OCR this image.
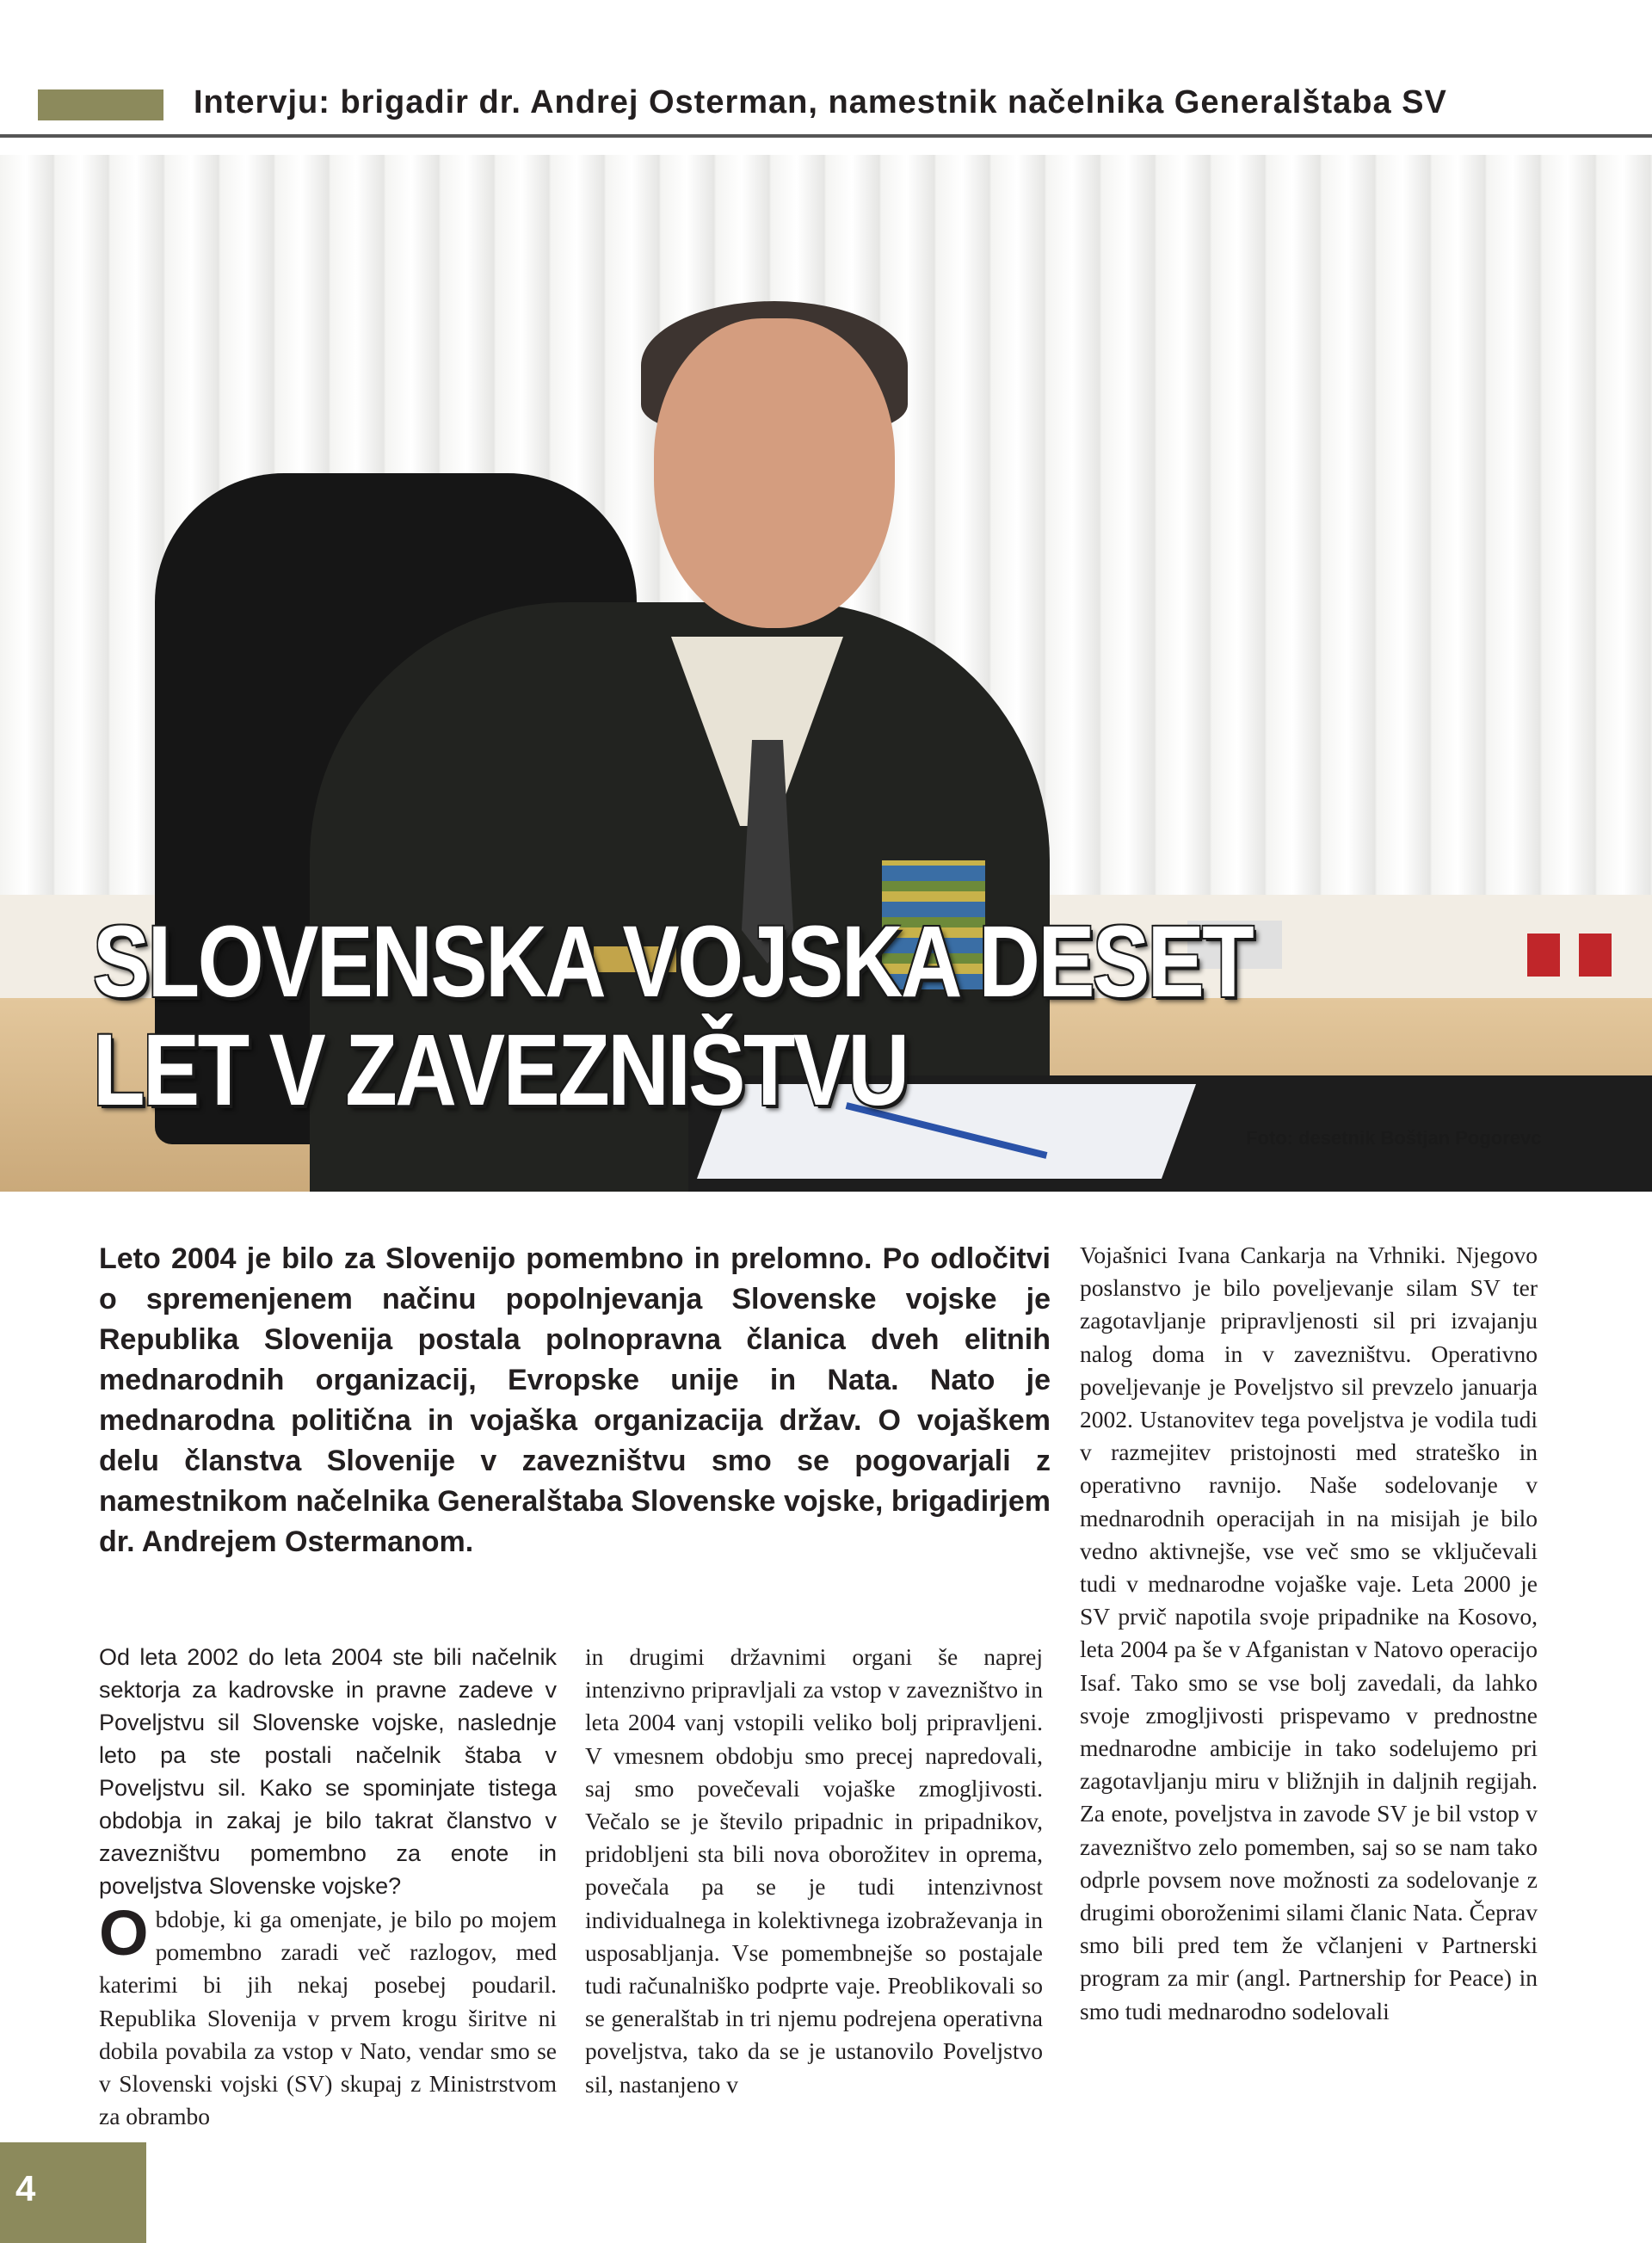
Intervju: brigadir dr. Andrej Osterman, namestnik načelnika Generalštaba SV
SLOVENSKA VOJSKA DESET LET V ZAVEZNIŠTVU
Foto: desetnik Boštjan Pogorevc
Leto 2004 je bilo za Slovenijo pomembno in prelomno. Po odločitvi o spremenjenem načinu popolnjevanja Slovenske vojske je Republika Slovenija postala polnopravna članica dveh elitnih mednarodnih organizacij, Evropske unije in Nata. Nato je mednarodna politična in vojaška organizacija držav. O vojaškem delu članstva Slovenije v zavezništvu smo se pogovarjali z namestnikom načelnika Generalštaba Slovenske vojske, brigadirjem dr. Andrejem Ostermanom.
Od leta 2002 do leta 2004 ste bili načelnik sektorja za kadrovske in pravne zadeve v Poveljstvu sil Slovenske vojske, naslednje leto pa ste postali načelnik štaba v Poveljstvu sil. Kako se spominjate tistega obdobja in zakaj je bilo takrat članstvo v zavezništvu pomembno za enote in poveljstva Slovenske vojske?
Obdobje, ki ga omenjate, je bilo po mojem pomembno zaradi več razlogov, med katerimi bi jih nekaj posebej poudaril. Republika Slovenija v prvem krogu širitve ni dobila povabila za vstop v Nato, vendar smo se v Slovenski vojski (SV) skupaj z Ministrstvom za obrambo
in drugimi državnimi organi še naprej intenzivno pripravljali za vstop v zavezništvo in leta 2004 vanj vstopili veliko bolj pripravljeni. V vmesnem obdobju smo precej napredovali, saj smo povečevali vojaške zmogljivosti. Večalo se je število pripadnic in pripadnikov, pridobljeni sta bili nova oborožitev in oprema, povečala pa se je tudi intenzivnost individualnega in kolektivnega izobraževanja in usposabljanja. Vse pomembnejše so postajale tudi računalniško podprte vaje. Preoblikovali so se generalštab in tri njemu podrejena operativna poveljstva, tako da se je ustanovilo Poveljstvo sil, nastanjeno v
Vojašnici Ivana Cankarja na Vrhniki. Njegovo poslanstvo je bilo poveljevanje silam SV ter zagotavljanje pripravljenosti sil pri izvajanju nalog doma in v zavezništvu. Operativno poveljevanje je Poveljstvo sil prevzelo januarja 2002. Ustanovitev tega poveljstva je vodila tudi v razmejitev pristojnosti med strateško in operativno ravnijo. Naše sodelovanje v mednarodnih operacijah in na misijah je bilo vedno aktivnejše, vse več smo se vključevali tudi v mednarodne vojaške vaje. Leta 2000 je SV prvič napotila svoje pripadnike na Kosovo, leta 2004 pa še v Afganistan v Natovo operacijo Isaf. Tako smo se vse bolj zavedali, da lahko svoje zmogljivosti prispevamo v prednostne mednarodne ambicije in tako sodelujemo pri zagotavljanju miru v bližnjih in daljnih regijah. Za enote, poveljstva in zavode SV je bil vstop v zavezništvo zelo pomemben, saj so se nam tako odprle povsem nove možnosti za sodelovanje z drugimi oboroženimi silami članic Nata. Čeprav smo bili pred tem že včlanjeni v Partnerski program za mir (angl. Partnership for Peace) in smo tudi mednarodno sodelovali
4
